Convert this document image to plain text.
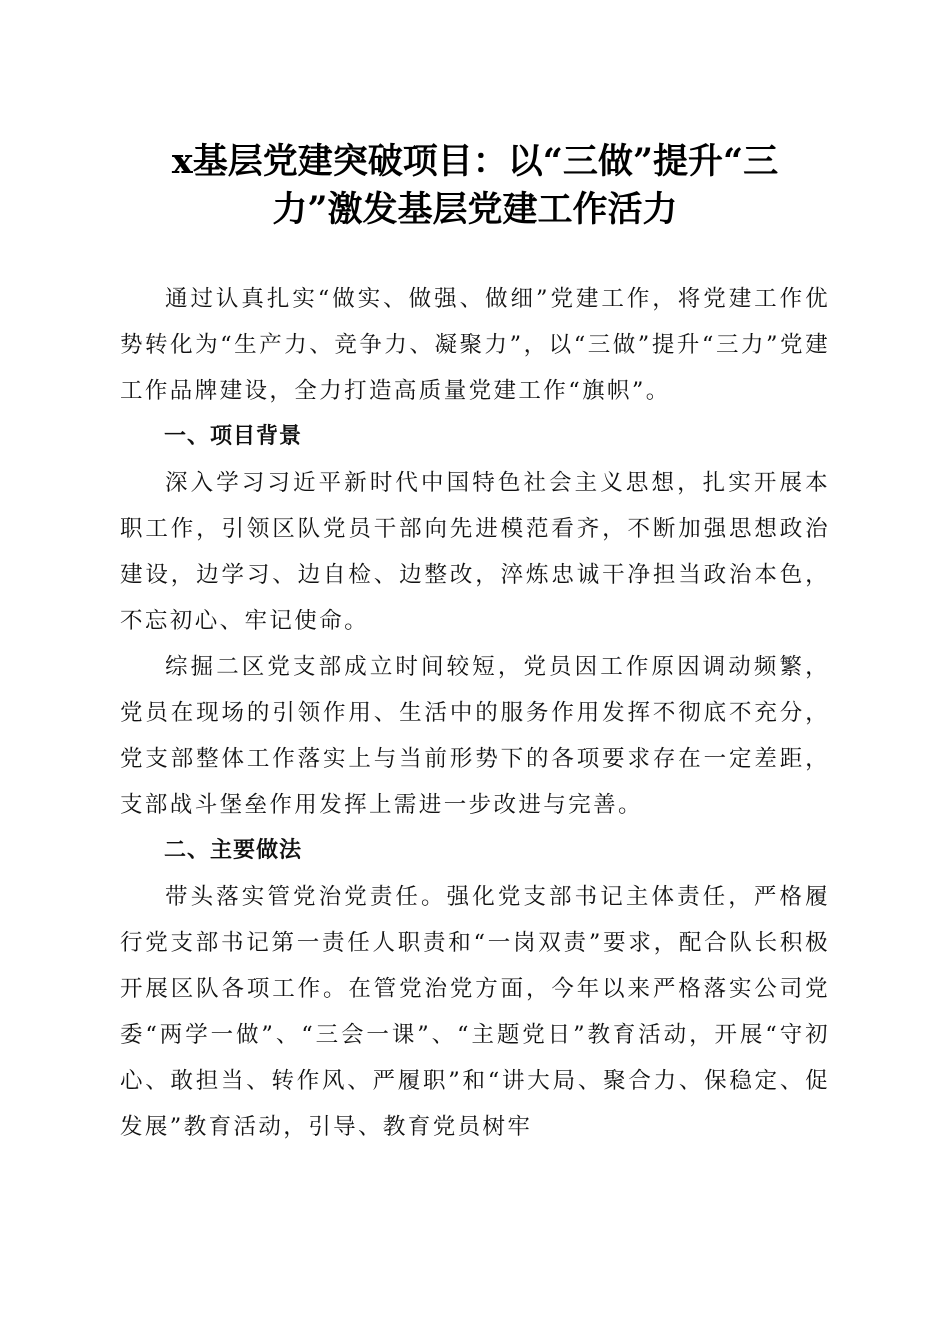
x基层党建突破项目：以“三做”提升“三
力”激发基层党建工作活力

通过认真扎实“做实、做强、做细”党建工作，将党建工作优势转化为“生产力、竞争力、凝聚力”，以“三做”提升“三力”党建工作品牌建设，全力打造高质量党建工作“旗帜”。

一、项目背景

深入学习习近平新时代中国特色社会主义思想，扎实开展本职工作，引领区队党员干部向先进模范看齐，不断加强思想政治建设，边学习、边自检、边整改，淬炼忠诚干净担当政治本色，不忘初心、牢记使命。

综掘二区党支部成立时间较短，党员因工作原因调动频繁，党员在现场的引领作用、生活中的服务作用发挥不彻底不充分，党支部整体工作落实上与当前形势下的各项要求存在一定差距，支部战斗堡垒作用发挥上需进一步改进与完善。

二、主要做法

带头落实管党治党责任。强化党支部书记主体责任，严格履行党支部书记第一责任人职责和“一岗双责”要求，配合队长积极开展区队各项工作。在管党治党方面，今年以来严格落实公司党委“两学一做”、“三会一课”、“主题党日”教育活动，开展“守初心、敢担当、转作风、严履职”和“讲大局、聚合力、保稳定、促发展”教育活动，引导、教育党员树牢
